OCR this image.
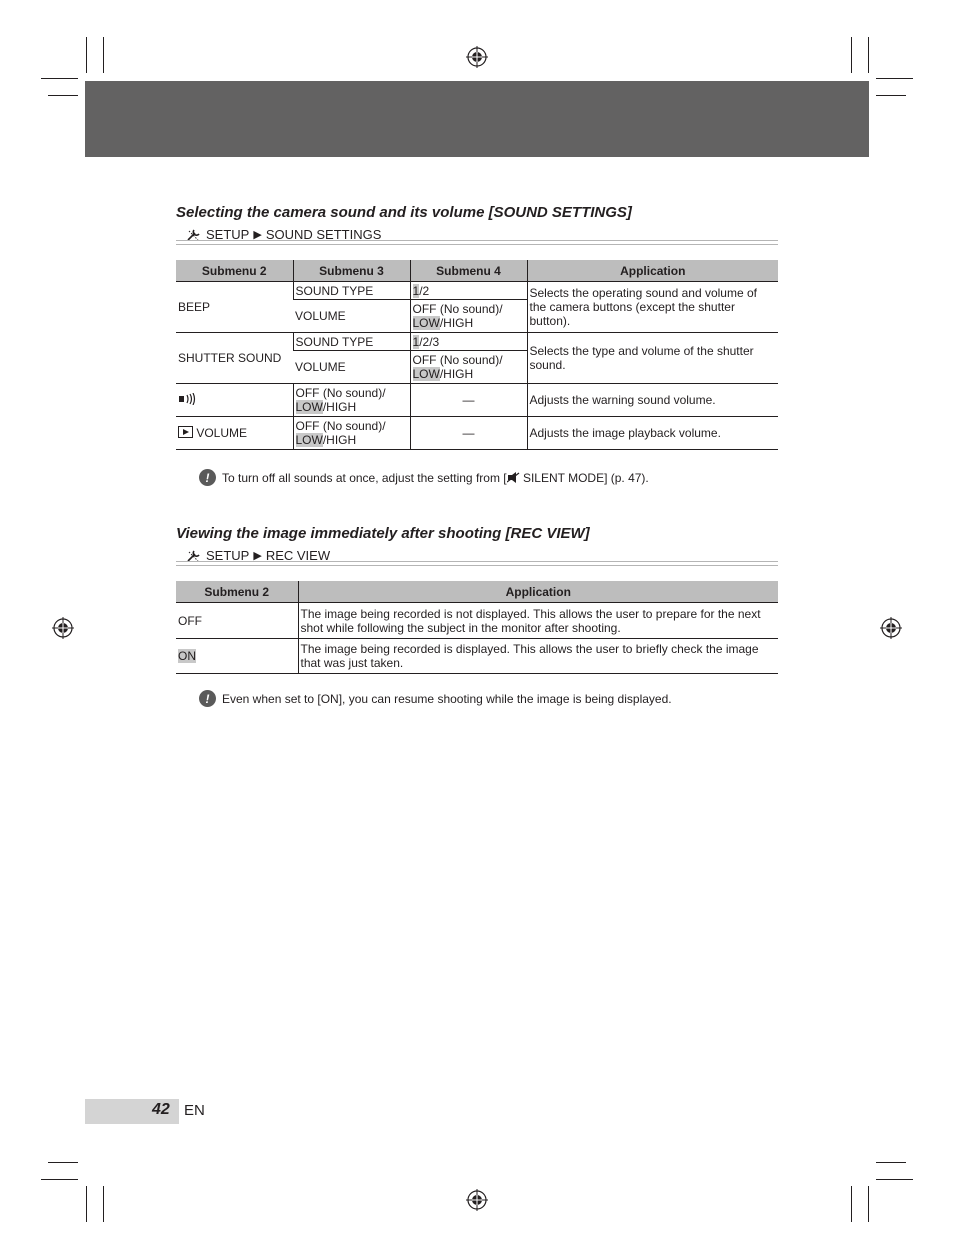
Selecting the camera sound and its volume [SOUND SETTINGS]
SETUP ▶ SOUND SETTINGS
Submenu 2	Submenu 3	Submenu 4	Application
BEEP	SOUND TYPE	1/2	Selects the operating sound and volume of the camera buttons (except the shutter button).
	VOLUME	OFF (No sound)/
LOW/HIGH	
SHUTTER SOUND	SOUND TYPE	1/2/3	Selects the type and volume of the shutter sound.
	VOLUME	OFF (No sound)/
LOW/HIGH	
	OFF (No sound)/
LOW/HIGH	—	Adjusts the warning sound volume.
VOLUME	OFF (No sound)/
LOW/HIGH	—	Adjusts the image playback volume.
!	To turn off all sounds at once, adjust the setting from [ SILENT MODE] (p. 47).
Viewing the image immediately after shooting [REC VIEW]
SETUP ▶ REC VIEW
Submenu 2	Application
OFF	The image being recorded is not displayed. This allows the user to prepare for the next shot while following the subject in the monitor after shooting.
ON	The image being recorded is displayed. This allows the user to briefly check the image that was just taken.
!	Even when set to [ON], you can resume shooting while the image is being displayed.
42 EN
